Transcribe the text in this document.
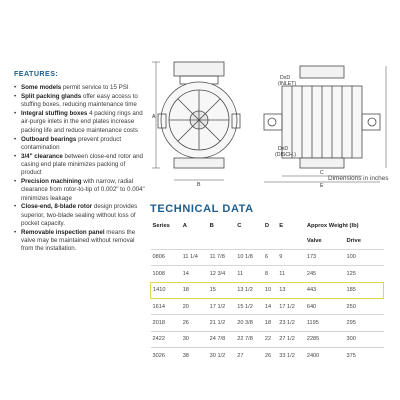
FEATURES:
• Some models permit service to 15 PSI
• Split packing glands offer easy access to stuffing boxes, reducing maintenance time
• Integral stuffing boxes 4 packing rings and air-purge inlets in the end plates increase packing life and reduce maintenance costs
• Outboard bearings prevent product contamination
• 3/4" clearance between close-end rotor and casing end plate minimizes packing of product
• Precision machining with narrow, radial clearance from rotor-to-tip of 0.002" to 0.004" minimizes leakage
• Close-end, 8-blade rotor design provides superior, two-blade sealing without loss of pocket capacity.
• Removable inspection panel means the valve may be maintained without removal from the installation.
DxD
(INLET)
DxD
(DISCH.)
A
B
C
E
Dimensions in inches
TECHNICAL DATA
Series	A	B	C	D	E	Approx Weight (lb)	
						Valve	Drive
0806	11 1/4	11 7/8	10 1/8	6	9	173	100
1008	14	12 3/4	11	8	11	245	125
1410	18	15	13 1/2	10	13	443	185
1614	20	17 1/2	15 1/2	14	17 1/2	640	250
2018	26	21 1/2	20 3/8	18	23 1/2	1195	295
2422	30	24 7/8	22 7/8	22	27 1/2	2285	300
3026	38	30 1/2	27	26	33 1/2	2400	375
